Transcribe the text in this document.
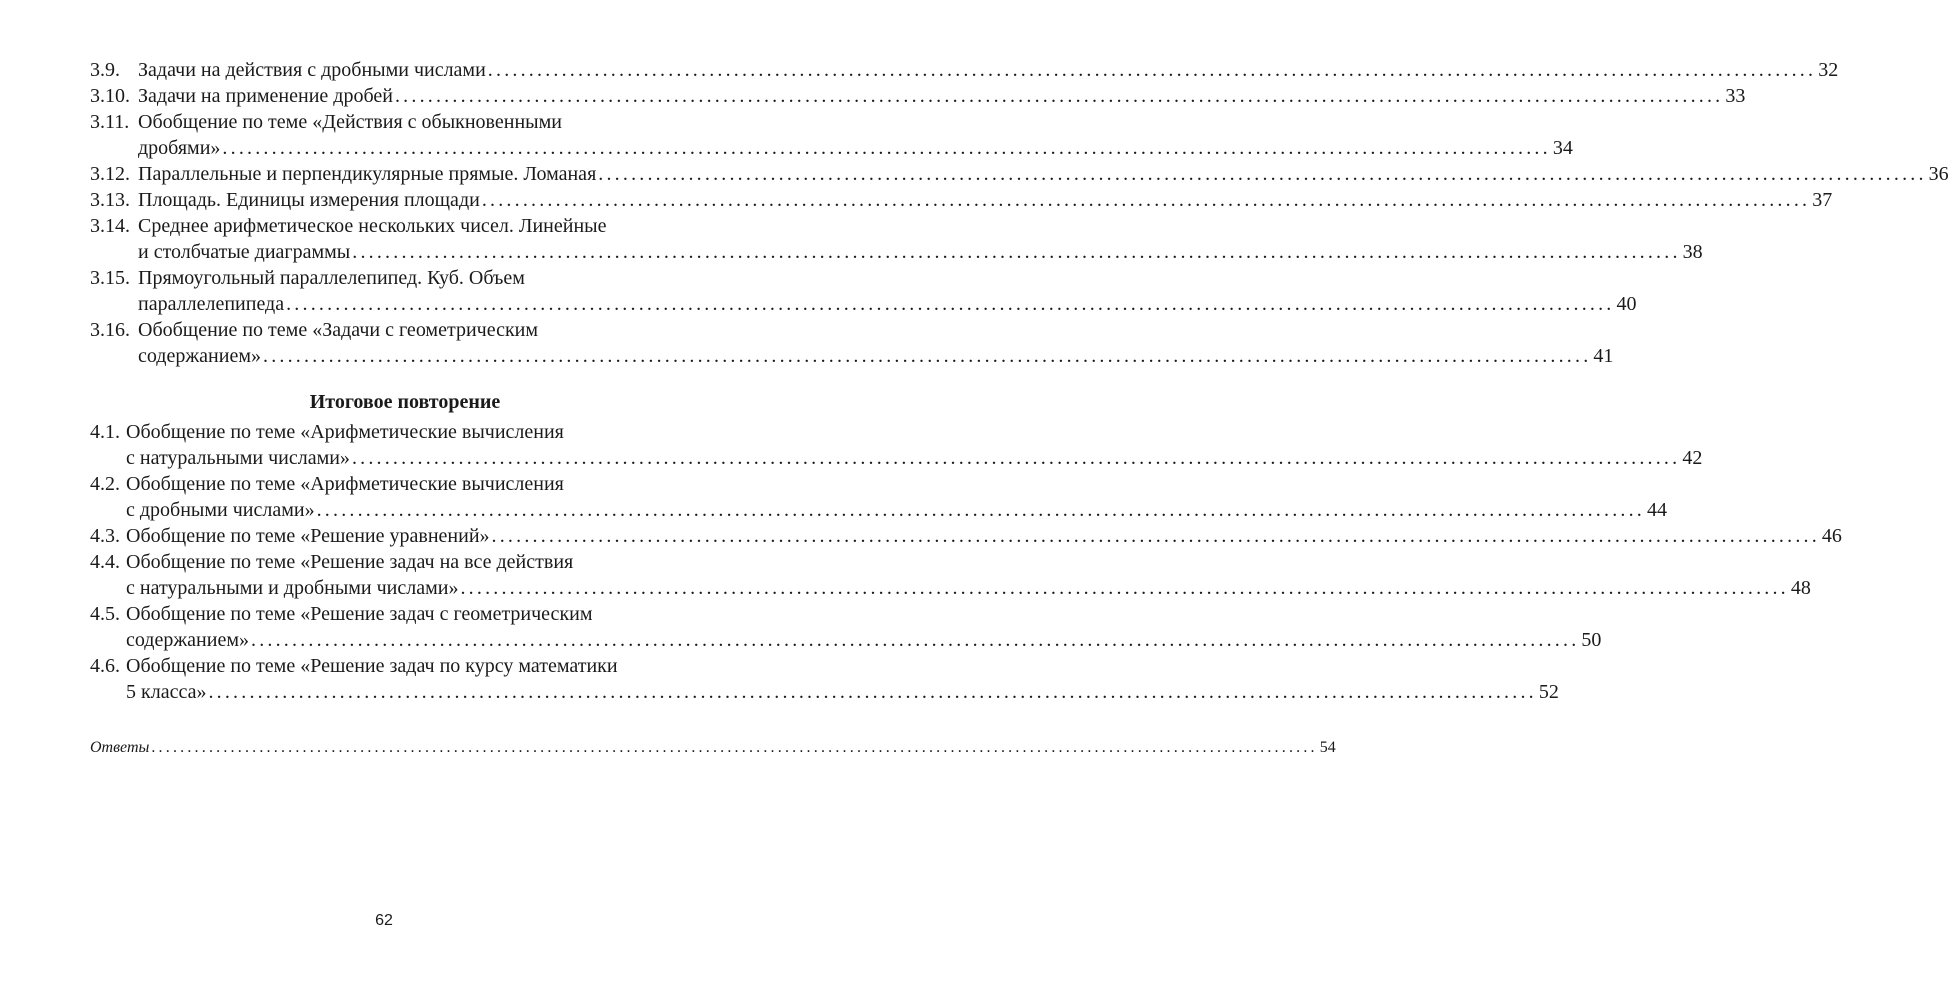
3.9. Задачи на действия с дробными числами .................................................................................................................................................................. 32
3.10. Задачи на применение дробей .................................................................................................................................................................. 33
3.11. Обобщение по теме «Действия с обыкновенными
дробями» .................................................................................................................................................................. 34
3.12. Параллельные и перпендикулярные прямые. Ломаная .................................................................................................................................................................. 36
3.13. Площадь. Единицы измерения площади .................................................................................................................................................................. 37
3.14. Среднее арифметическое нескольких чисел. Линейные
и столбчатые диаграммы .................................................................................................................................................................. 38
3.15. Прямоугольный параллелепипед. Куб. Объем
параллелепипеда .................................................................................................................................................................. 40
3.16. Обобщение по теме «Задачи с геометрическим
содержанием» .................................................................................................................................................................. 41
Итоговое повторение
4.1. Обобщение по теме «Арифметические вычисления
с натуральными числами» .................................................................................................................................................................. 42
4.2. Обобщение по теме «Арифметические вычисления
с дробными числами» .................................................................................................................................................................. 44
4.3. Обобщение по теме «Решение уравнений» .................................................................................................................................................................. 46
4.4. Обобщение по теме «Решение задач на все действия
с натуральными и дробными числами» .................................................................................................................................................................. 48
4.5. Обобщение по теме «Решение задач с геометрическим
содержанием» .................................................................................................................................................................. 50
4.6. Обобщение по теме «Решение задач по курсу математики
5 класса» .................................................................................................................................................................. 52
Ответы .................................................................................................................................................................. 54
62
